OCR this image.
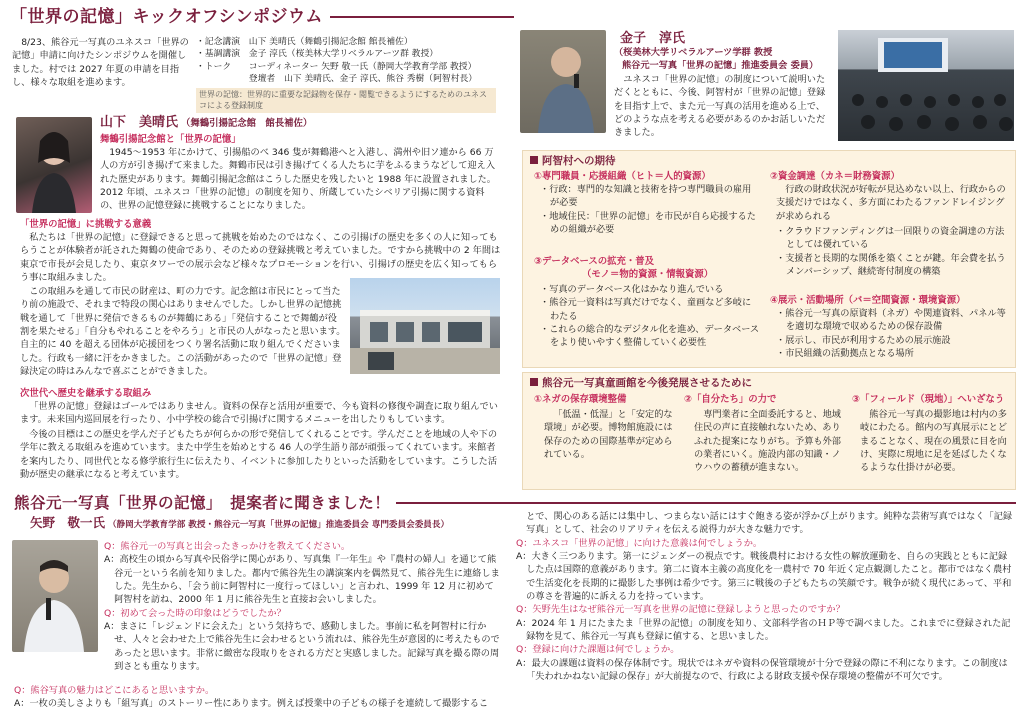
「世界の記憶」キックオフシンポジウム

8/23、熊谷元一写真のユネスコ「世界の記憶」申請に向けたシンポジウムを開催しました。村では 2027 年夏の申請を目指し、様々な取組を進めます。

・記念講演　山下 美晴氏（舞鶴引揚記念館 館長補佐）
・基調講演　金子 淳氏（桜美林大学リベラルアーツ群 教授）
・トーク　　コーディネーター 矢野 敬一氏（静岡大学教育学部 教授）
　　　　　　登壇者　山下 美晴氏、金子 淳氏、熊谷 秀樹（阿智村長）
世界の記憶：世界的に重要な記録物を保存・閲覧できるようにするためのユネスコによる登録制度
山下　美晴氏 （舞鶴引揚記念館　館長補佐）
舞鶴引揚記念館と「世界の記憶」

1945～1953 年にかけて、引揚船のべ 346 隻が舞鶴港へと入港し、満州や旧ソ連から 66 万人の方が引き揚げて来ました。舞鶴市民は引き揚げてくる人たちに芋をふるまうなどして迎え入れた歴史があります。舞鶴引揚記念館はこうした歴史を残したいと 1988 年に設置されました。2012 年頃、ユネスコ「世界の記憶」の制度を知り、所蔵していたシベリア引揚に関する資料の、世界の記憶登録に挑戦することになりました。

「世界の記憶」に挑戦する意義

私たちは「世界の記憶」に登録できると思って挑戦を始めたのではなく、この引揚げの歴史を多くの人に知ってもらうことが体験者が託された舞鶴の使命であり、そのための登録挑戦と考えていました。ですから挑戦中の 2 年間は東京で市長が会見したり、東京タワーでの展示会など様々なプロモーションを行い、引揚げの歴史を広く知ってもらう事に取組みました。

この取組みを通して市民の財産は、町の力です。記念館は市民にとって当たり前の施設で、それまで特段の関心はありませんでした。しかし世界の記憶挑戦を通して「世界に発信できるものが舞鶴にある」「発信することで舞鶴が役割を果たせる」「自分もやれることをやろう」と市民の人がなったと思います。自主的に 40 を超える団体が応援団をつくり署名活動に取り組んでくださいました。行政も一緒に汗をかきました。この活動があったので「世界の記憶」登録決定の時はみんなで喜ぶことができました。

次世代へ歴史を継承する取組み

「世界の記憶」登録はゴールではありません。資料の保存と活用が重要で、今も資料の修復や調査に取り組んでいます。未来国内巡回展を行ったり、小中学校の総合で引揚げに関するメニューを出したりもしています。

今後の目標はこの歴史を学んだ子どもたちが何らかの形で発信してくれることです。学んだことを地域の人や下の学年に教える取組みを進めています。また中学生を始めとする 46 人の学生語り部が頑張ってくれています。来館者を案内したり、同世代となる修学旅行生に伝えたり、イベントに参加したりといった活動をしています。こうした活動が歴史の継承になると考えています。

金子　淳氏
（桜美林大学リベラルアーツ学群 教授
熊谷元一写真「世界の記憶」推進委員会 委員）

ユネスコ「世界の記憶」の制度について説明いただくとともに、今後、阿智村が「世界の記憶」登録を目指す上で、また元一写真の活用を進める上で、どのような点を考える必要があるのかお話しいただきました。

阿智村への期待
①専門職員・応援組織（ヒト＝人的資源）
・ 行政：専門的な知識と技術を持つ専門職員の雇用が必要
・ 地域住民：「世界の記憶」を市民が自ら応援するための組織が必要
③データベースの拡充・普及
（モノ＝物的資源・情報資源）
・ 写真のデータベース化はかなり進んでいる
・ 熊谷元一資料は写真だけでなく、童画など多岐にわたる
・ これらの総合的なデジタル化を進め、データベースをより使いやすく整備していく必要性
②資金調達（カネ＝財務資源）

行政の財政状況が好転が見込めない以上、行政からの支援だけではなく、多方面にわたるファンドレイジングが求められる

・ クラウドファンディングは一回限りの資金調達の方法としては優れている
・ 支援者と長期的な関係を築くことが鍵。年会費を払うメンバーシップ、継続寄付制度の構築
④展示・活動場所（バ＝空間資源・環境資源）
・ 熊谷元一写真の原資料（ネガ）や関連資料、パネル等を適切な環境で収めるための保存設備
・ 展示し、市民が利用するための展示施設
・ 市民組織の活動拠点となる場所
熊谷元一写真童画館を今後発展させるために
①ネガの保存環境整備

「低温・低湿」と「安定的な環境」が必要。博物館施設には保存のための国際基準が定められている。

②「自分たち」の力で

専門業者に全面委託すると、地域住民の声に直接触れないため、ありふれた提案になりがち。予算も外部の業者にいく。施設内部の知識・ノウハウの蓄積が進まない。

③「フィールド（現地）」へいざなう

熊谷元一写真の撮影地は村内の多岐にわたる。館内の写真展示にとどまることなく、現在の風景に目を向け、実際に現地に足を延ばしたくなるような仕掛けが必要。

熊谷元一写真「世界の記憶」　提案者に聞きました！
矢野　敬一氏 （静岡大学教育学部 教授・熊谷元一写真「世界の記憶」推進委員会 専門委員会委員長）
Q：熊谷元一の写真と出会ったきっかけを教えてください。
A：高校生の頃から写真や民俗学に関心があり、写真集『一年生』や『農村の婦人』を通じて熊谷元一という名前を知りました。都内で熊谷先生の講演案内を偶然見て、熊谷先生に連絡しました。先生から、「会う前に阿智村に一度行ってほしい」と言われ、1999 年 12 月に初めて阿智村を訪ね、2000 年 1 月に熊谷先生と直接お会いしました。
Q：初めて会った時の印象はどうでしたか？
A：まさに「レジェンドに会えた」という気持ちで、感動しました。事前に私を阿智村に行かせ、人々と会わせた上で熊谷先生に会わせるという流れは、熊谷先生が意図的に考えたものであったと思います。非常に緻密な段取りをされる方だと実感しました。記録写真を撮る際の周到さとも重なります。
Q：熊谷写真の魅力はどこにあると思いますか。
A：一枚の美しさよりも「組写真」のストーリー性にあります。例えば授業中の子どもの様子を連続して撮影するこ
とで、関心のある話には集中し、つまらない話にはすぐ飽きる姿が浮かび上がります。純粋な芸術写真ではなく「記録写真」として、社会のリアリティを伝える説得力が大きな魅力です。
Q：ユネスコ「世界の記憶」に向けた意義は何でしょうか。
A：大きく三つあります。第一にジェンダーの視点です。戦後農村における女性の解放運動を、自らの実践とともに記録した点は国際的意義があります。第二に資本主義の高度化を一農村で 70 年近く定点観測したこと。都市ではなく農村で生活変化を長期的に撮影した事例は希少です。第三に戦後の子どもたちの笑顔です。戦争が続く現代にあって、平和の尊さを普遍的に訴える力を持っています。
Q：矢野先生はなぜ熊谷元一写真を世界の記憶に登録しようと思ったのですか？
A：2024 年 1 月にたまたま「世界の記憶」の制度を知り、文部科学省のＨＰ等で調べました。これまでに登録された記録物を見て、熊谷元一写真も登録に値する、と思いました。
Q：登録に向けた課題は何でしょうか。
A：最大の課題は資料の保存体制です。現状ではネガや資料の保管環境が十分で登録の際に不利になります。この制度は「失われかねない記録の保存」が大前提なので、行政による財政支援や保存環境の整備が不可欠です。
